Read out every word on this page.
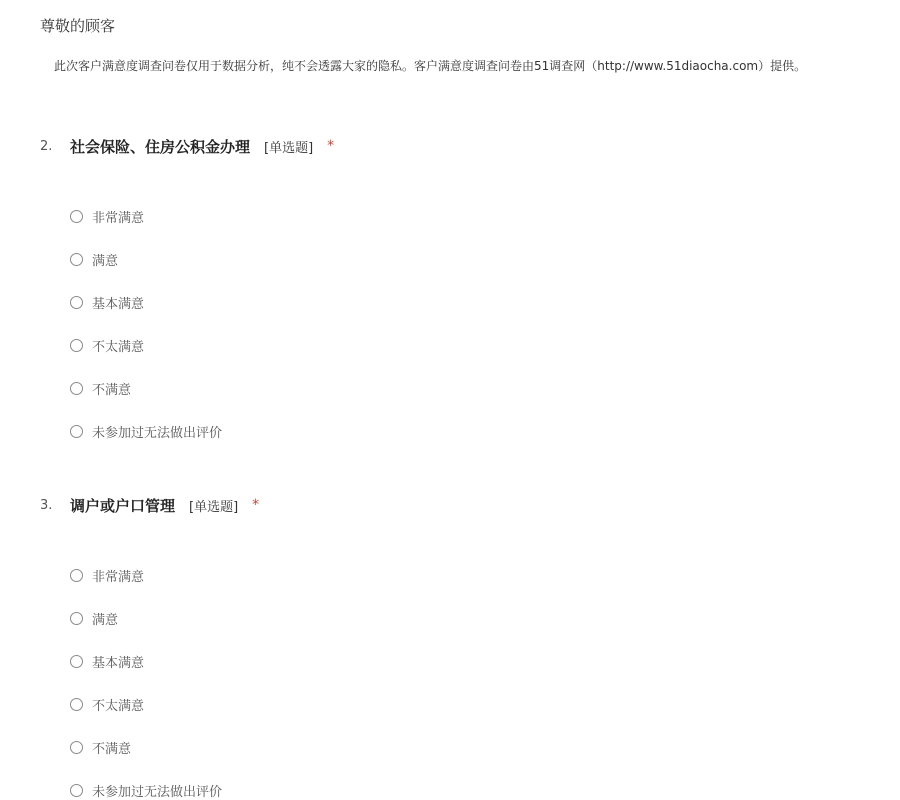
尊敬的顾客
此次客户满意度调查问卷仅用于数据分析，纯不会透露大家的隐私。客户满意度调查问卷由51调查网（http://www.51diaocha.com）提供。
2.	社会保险、住房公积金办理 [单选题] *
非常满意
满意
基本满意
不太满意
不满意
未参加过无法做出评价
3.	调户或户口管理 [单选题] *
非常满意
满意
基本满意
不太满意
不满意
未参加过无法做出评价
